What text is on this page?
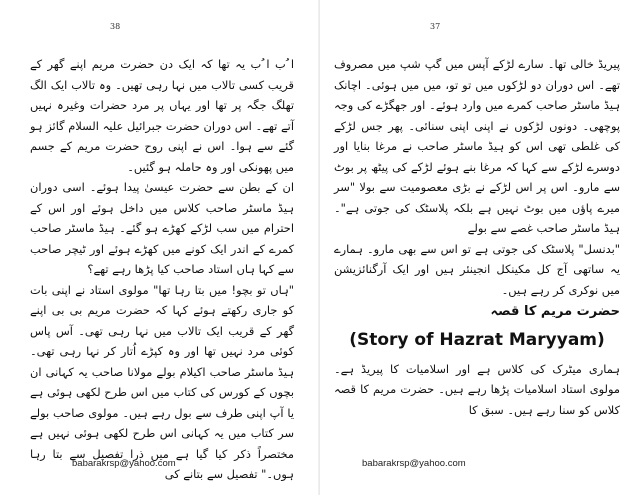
38

ا ُب ا ُب یہ تھا کہ ایک دن حضرت مریم اپنے گھر کے قریب کسی تالاب میں نہا رہی تھیں۔ وہ تالاب ایک الگ تھلگ جگہ پر تھا اور یہاں پر مرد حضرات وغیرہ نہیں آتے تھے۔ اس دوران حضرت جبرائیل علیہ السلام گائز ہو گئے سے ہوا۔ اس نے اپنی روح حضرت مریم کے جسم میں پھونکی اور وہ حاملہ ہو گئیں۔

ان کے بطن سے حضرت عیسیٰ پیدا ہوئے۔ اسی دوران ہیڈ ماسٹر صاحب کلاس میں داخل ہوئے اور اس کے احترام میں سب لڑکے کھڑے ہو گئے۔ ہیڈ ماسٹر صاحب کمرے کے اندر ایک کونے میں کھڑے ہوئے اور ٹیچر صاحب سے کہا ہاں استاد صاحب کیا پڑھا رہے تھے؟

"ہاں تو بچو! میں بتا رہا تھا" مولوی استاد نے اپنی بات کو جاری رکھتے ہوئے کہا کہ حضرت مریم بی بی اپنے گھر کے قریب ایک تالاب میں نہا رہی تھی۔ آس پاس کوئی مرد نہیں تھا اور وہ کپڑے اُتار کر نہا رہی تھی۔ ہیڈ ماسٹر صاحب اکیلام بولے مولانا صاحب یہ کہانی ان بچوں کے کورس کی کتاب میں اس طرح لکھی ہوئی ہے یا آپ اپنی طرف سے بول رہے ہیں۔ مولوی صاحب بولے سر کتاب میں یہ کہانی اس طرح لکھی ہوئی نہیں ہے مختصراً ذکر کیا گیا ہے میں ذرا تفصیل سے بتا رہا ہوں۔" تفصیل سے بتانے کی

babarakrsp@yahoo.com
37

پیریڈ خالی تھا۔ سارے لڑکے آپس میں گپ شپ میں مصروف تھے۔ اس دوران دو لڑکوں میں تو تو، میں میں ہوئی۔ اچانک ہیڈ ماسٹر صاحب کمرے میں وارد ہوئے۔ اور جھگڑے کی وجہ پوچھی۔ دونوں لڑکوں نے اپنی اپنی سنائی۔ پھر جس لڑکے کی غلطی تھی اس کو ہیڈ ماسٹر صاحب نے مرغا بنایا اور دوسرے لڑکے سے کہا کہ مرغا بنے ہوئے لڑکے کی پیٹھ پر بوٹ سے مارو۔ اس پر اس لڑکے نے بڑی معصومیت سے بولا "سر میرے پاؤں میں بوٹ نہیں ہے بلکہ پلاسٹک کی جوتی ہے"۔ ہیڈ ماسٹر صاحب غصے سے بولے

"بدنسل" پلاسٹک کی جوتی ہے تو اس سے بھی مارو۔ ہمارے یہ ساتھی آج کل مکینکل انجینئر ہیں اور ایک آرگنائزیشن میں نوکری کر رہے ہیں۔

حضرت مریم کا قصہ
(Story of Hazrat Maryyam)

ہماری میٹرک کی کلاس ہے اور اسلامیات کا پیریڈ ہے۔ مولوی استاد اسلامیات پڑھا رہے ہیں۔ حضرت مریم کا قصہ کلاس کو سنا رہے ہیں۔ سبق کا

babarakrsp@yahoo.com
